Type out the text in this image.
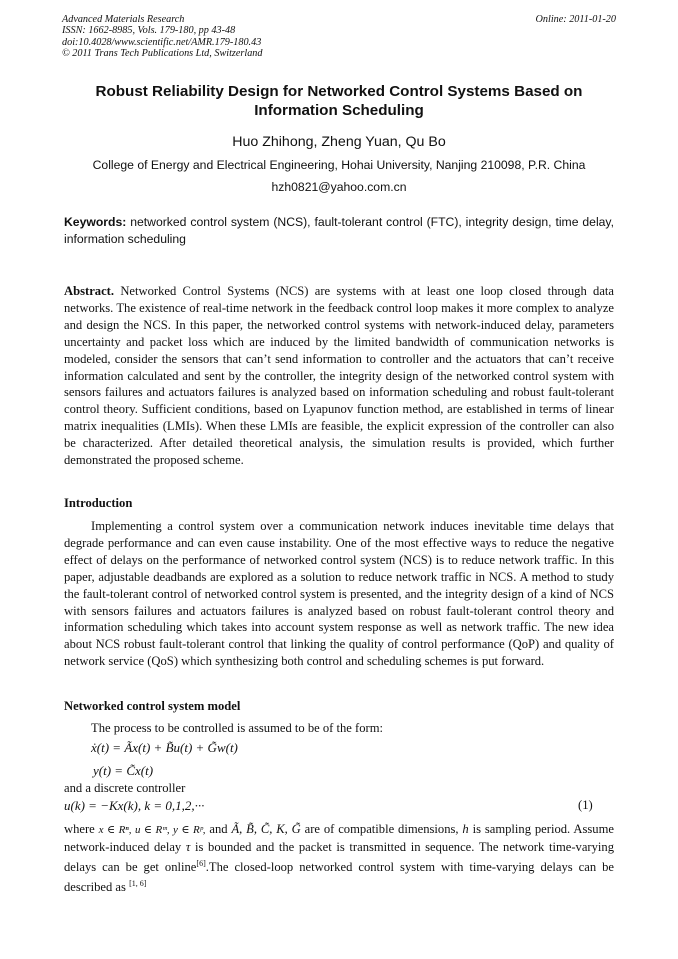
Advanced Materials Research
ISSN: 1662-8985, Vols. 179-180, pp 43-48
doi:10.4028/www.scientific.net/AMR.179-180.43
© 2011 Trans Tech Publications Ltd, Switzerland
Online: 2011-01-20
Robust Reliability Design for Networked Control Systems Based on
Information Scheduling
Huo Zhihong, Zheng Yuan, Qu Bo
College of Energy and Electrical Engineering, Hohai University, Nanjing 210098, P.R. China
hzh0821@yahoo.com.cn
Keywords: networked control system (NCS), fault-tolerant control (FTC), integrity design, time delay, information scheduling
Abstract. Networked Control Systems (NCS) are systems with at least one loop closed through data networks. The existence of real-time network in the feedback control loop makes it more complex to analyze and design the NCS. In this paper, the networked control systems with network-induced delay, parameters uncertainty and packet loss which are induced by the limited bandwidth of communication networks is modeled, consider the sensors that can’t send information to controller and the actuators that can’t receive information calculated and sent by the controller, the integrity design of the networked control system with sensors failures and actuators failures is analyzed based on information scheduling and robust fault-tolerant control theory. Sufficient conditions, based on Lyapunov function method, are established in terms of linear matrix inequalities (LMIs). When these LMIs are feasible, the explicit expression of the controller can also be characterized. After detailed theoretical analysis, the simulation results is provided, which further demonstrated the proposed scheme.
Introduction
Implementing a control system over a communication network induces inevitable time delays that degrade performance and can even cause instability. One of the most effective ways to reduce the negative effect of delays on the performance of networked control system (NCS) is to reduce network traffic. In this paper, adjustable deadbands are explored as a solution to reduce network traffic in NCS. A method to study the fault-tolerant control of networked control system is presented, and the integrity design of a kind of NCS with sensors failures and actuators failures is analyzed based on robust fault-tolerant control theory and information scheduling which takes into account system response as well as network traffic. The new idea about NCS robust fault-tolerant control that linking the quality of control performance (QoP) and quality of network service (QoS) which synthesizing both control and scheduling schemes is put forward.
Networked control system model
The process to be controlled is assumed to be of the form:
ẋ(t) = Ãx(t) + B̃u(t) + G̃w(t)
y(t) = C̃x(t)
and a discrete controller
u(k) = −Kx(k), k = 0,1,2,···	(1)
where x ∈ Rⁿ, u ∈ Rᵐ, y ∈ Rᵖ, and Ã, B̃, C̃, K, G̃ are of compatible dimensions, h is sampling period. Assume network-induced delay τ is bounded and the packet is transmitted in sequence. The network time-varying delays can be get online[6].The closed-loop networked control system with time-varying delays can be described as [1, 6]
